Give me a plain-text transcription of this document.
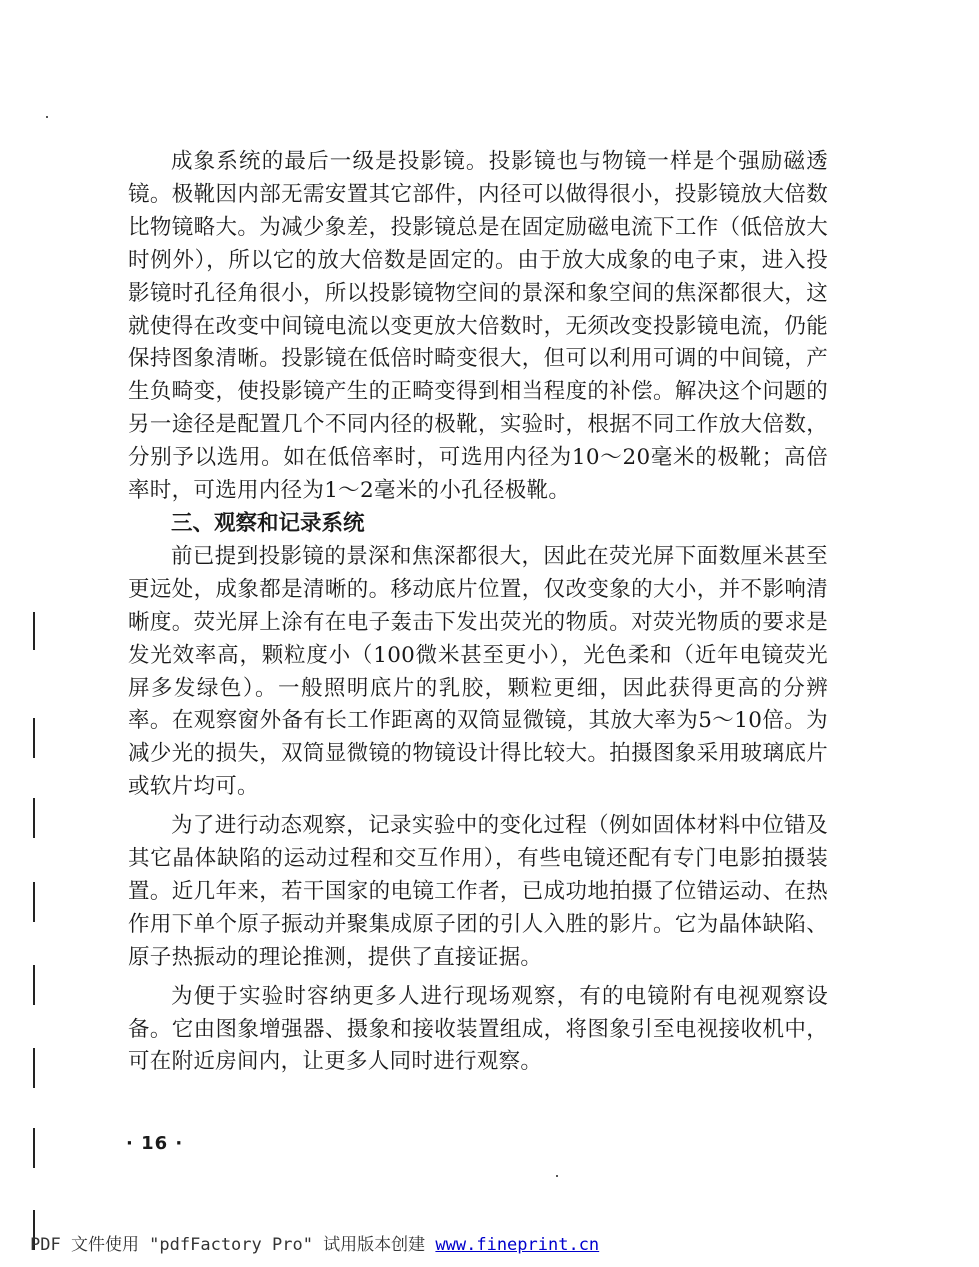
成象系统的最后一级是投影镜。投影镜也与物镜一样是个强励磁透镜。极靴因内部无需安置其它部件，内径可以做得很小，投影镜放大倍数比物镜略大。为减少象差，投影镜总是在固定励磁电流下工作（低倍放大时例外），所以它的放大倍数是固定的。由于放大成象的电子束，进入投影镜时孔径角很小，所以投影镜物空间的景深和象空间的焦深都很大，这就使得在改变中间镜电流以变更放大倍数时，无须改变投影镜电流，仍能保持图象清晰。投影镜在低倍时畸变很大，但可以利用可调的中间镜，产生负畸变，使投影镜产生的正畸变得到相当程度的补偿。解决这个问题的另一途径是配置几个不同内径的极靴，实验时，根据不同工作放大倍数，分别予以选用。如在低倍率时，可选用内径为10～20毫米的极靴；高倍率时，可选用内径为1～2毫米的小孔径极靴。

三、观察和记录系统

前已提到投影镜的景深和焦深都很大，因此在荧光屏下面数厘米甚至更远处，成象都是清晰的。移动底片位置，仅改变象的大小，并不影响清晰度。荧光屏上涂有在电子轰击下发出荧光的物质。对荧光物质的要求是发光效率高，颗粒度小（100微米甚至更小），光色柔和（近年电镜荧光屏多发绿色）。一般照明底片的乳胶，颗粒更细，因此获得更高的分辨率。在观察窗外备有长工作距离的双筒显微镜，其放大率为5～10倍。为减少光的损失，双筒显微镜的物镜设计得比较大。拍摄图象采用玻璃底片或软片均可。

为了进行动态观察，记录实验中的变化过程（例如固体材料中位错及其它晶体缺陷的运动过程和交互作用），有些电镜还配有专门电影拍摄装置。近几年来，若干国家的电镜工作者，已成功地拍摄了位错运动、在热作用下单个原子振动并聚集成原子团的引人入胜的影片。它为晶体缺陷、原子热振动的理论推测，提供了直接证据。

为便于实验时容纳更多人进行现场观察，有的电镜附有电视观察设备。它由图象增强器、摄象和接收装置组成，将图象引至电视接收机中，可在附近房间内，让更多人同时进行观察。

· 16 ·
PDF 文件使用 "pdfFactory Pro" 试用版本创建 www.fineprint.cn
